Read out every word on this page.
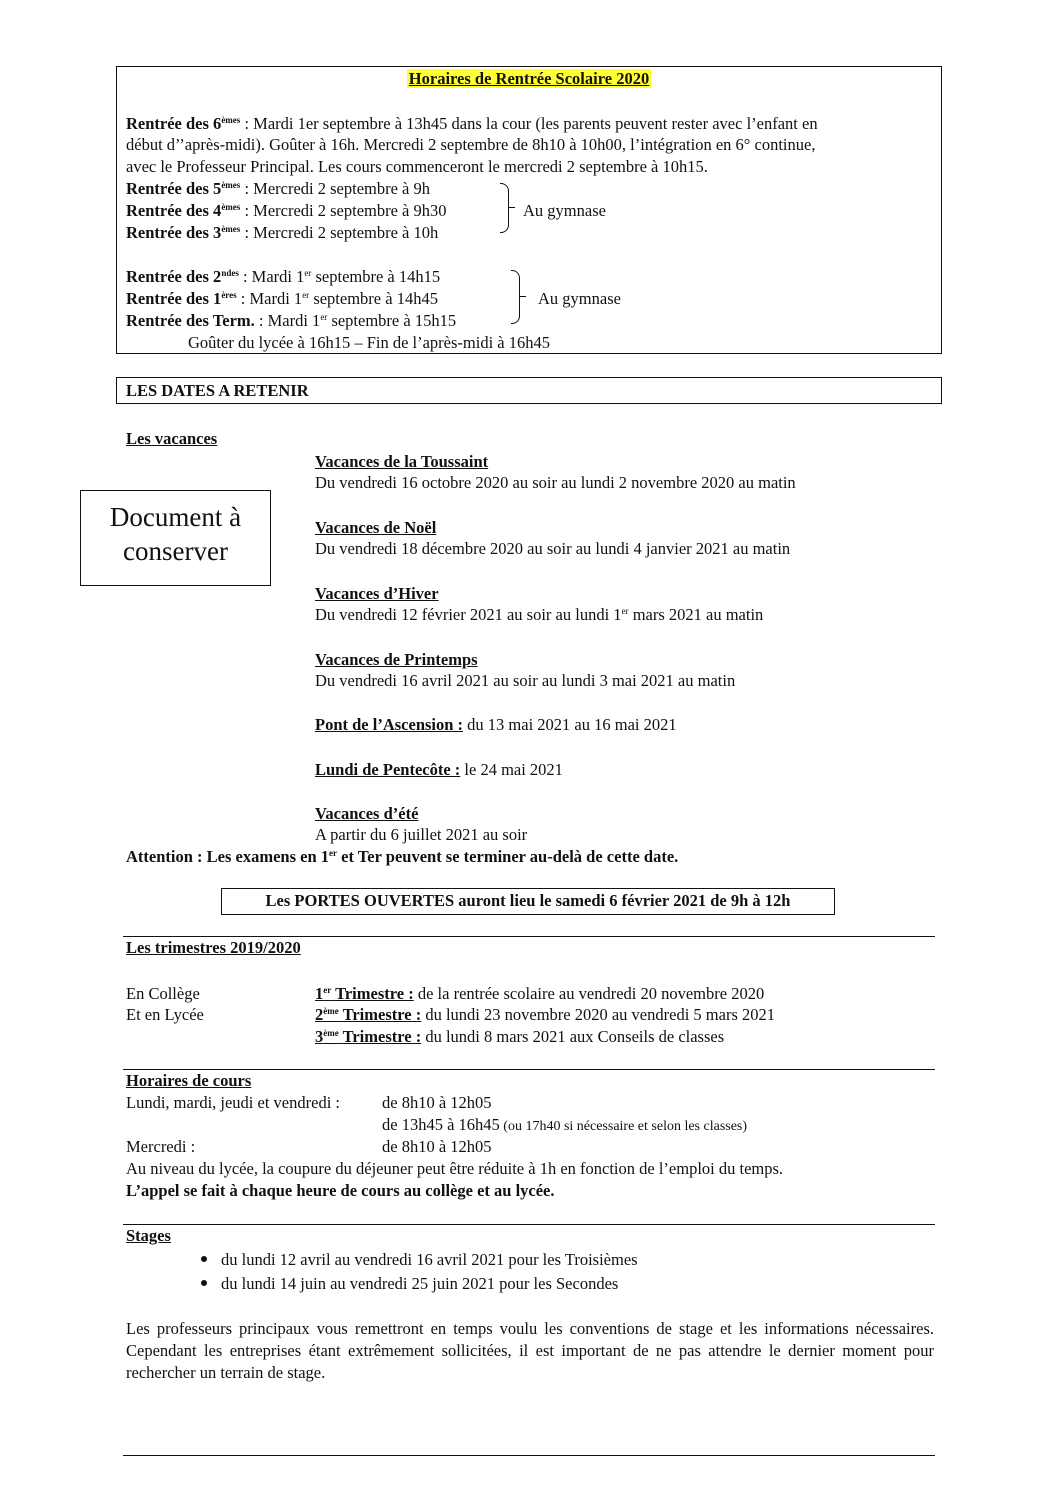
Horaires de Rentrée Scolaire 2020
Rentrée des 6èmes : Mardi 1er septembre à 13h45 dans la cour (les parents peuvent rester avec l’enfant en
début d’’après-midi). Goûter à 16h. Mercredi 2 septembre de 8h10 à 10h00, l’intégration en 6° continue,
avec le Professeur Principal. Les cours commenceront le mercredi 2 septembre à 10h15.
Rentrée des 5èmes : Mercredi 2 septembre à 9h
Rentrée des 4èmes : Mercredi 2 septembre à 9h30
Rentrée des 3èmes : Mercredi 2 septembre à 10h
Au gymnase
Rentrée des $2^{ndes}$ : Mardi 1er septembre à 14h15
Rentrée des 1ères : Mardi 1er septembre à 14h45
Rentrée des Term. : Mardi 1er septembre à 15h15
Au gymnase
Goûter du lycée à 16h15 – Fin de l’après-midi à 16h45
LES DATES A RETENIR
Les vacances
Document à
conserver
Vacances de la Toussaint
Du vendredi 16 octobre 2020 au soir au lundi 2 novembre 2020 au matin
Vacances de Noël
Du vendredi 18 décembre 2020 au soir au lundi 4 janvier 2021 au matin
Vacances d’Hiver
Du vendredi 12 février 2021 au soir au lundi 1er mars 2021 au matin
Vacances de Printemps
Du vendredi 16 avril 2021 au soir au lundi 3 mai 2021 au matin
Pont de l’Ascension : du 13 mai 2021 au 16 mai 2021
Lundi de Pentecôte : le 24 mai 2021
Vacances d’été
A partir du 6 juillet 2021 au soir
Attention : Les examens en 1er et Ter peuvent se terminer au-delà de cette date.
Les PORTES OUVERTES auront lieu le samedi 6 février 2021 de 9h à 12h
Les trimestres 2019/2020
En Collège
Et en Lycée
1er Trimestre : de la rentrée scolaire au vendredi 20 novembre 2020
2ème Trimestre : du lundi 23 novembre 2020 au vendredi 5 mars 2021
3ème Trimestre : du lundi 8 mars 2021 aux Conseils de classes
Horaires de cours
Lundi, mardi, jeudi et vendredi :	de 8h10 à 12h05
de 13h45 à 16h45 (ou 17h40 si nécessaire et selon les classes)
Mercredi :	de 8h10 à 12h05
Au niveau du lycée, la coupure du déjeuner peut être réduite à 1h en fonction de l’emploi du temps.
L’appel se fait à chaque heure de cours au collège et au lycée.
Stages
du lundi 12 avril au vendredi 16 avril 2021 pour les Troisièmes
du lundi 14 juin au vendredi 25 juin 2021 pour les Secondes
Les professeurs principaux vous remettront en temps voulu les conventions de stage et les informations nécessaires. Cependant les entreprises étant extrêmement sollicitées, il est important de ne pas attendre le dernier moment pour rechercher un terrain de stage.
